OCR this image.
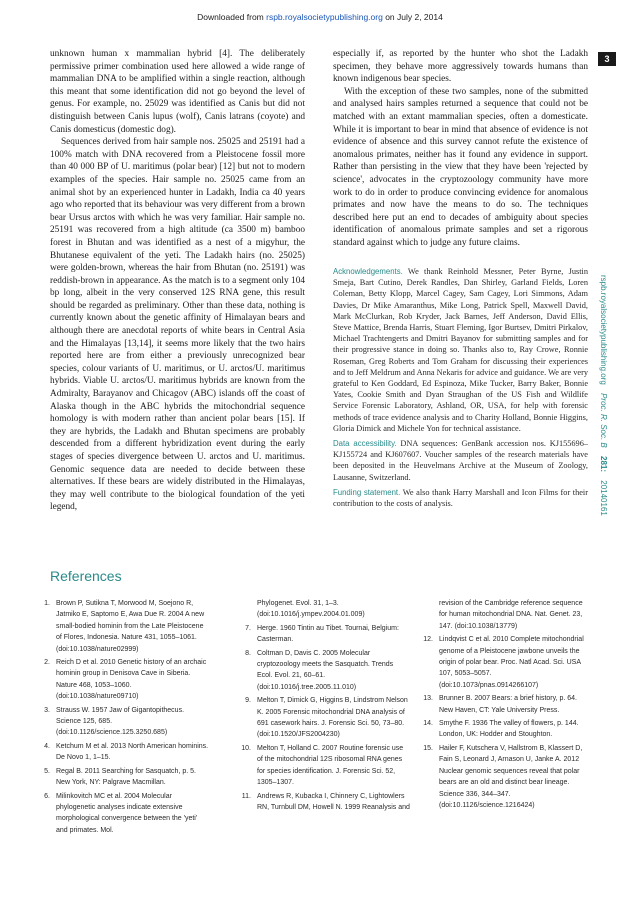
Downloaded from rspb.royalsocietypublishing.org on July 2, 2014
3
rspb.royalsocietypublishing.org Proc. R. Soc. B 281: 20140161

unknown human x mammalian hybrid [4]. The deliberately permissive primer combination used here allowed a wide range of mammalian DNA to be amplified within a single reaction, although this meant that some identification did not go beyond the level of genus. For example, no. 25029 was identified as Canis but did not distinguish between Canis lupus (wolf), Canis latrans (coyote) and Canis domesticus (domestic dog).

Sequences derived from hair sample nos. 25025 and 25191 had a 100% match with DNA recovered from a Pleistocene fossil more than 40 000 BP of U. maritimus (polar bear) [12] but not to modern examples of the species. Hair sample no. 25025 came from an animal shot by an experienced hunter in Ladakh, India ca 40 years ago who reported that its behaviour was very different from a brown bear Ursus arctos with which he was very familiar. Hair sample no. 25191 was recovered from a high altitude (ca 3500 m) bamboo forest in Bhutan and was identified as a nest of a migyhur, the Bhutanese equivalent of the yeti. The Ladakh hairs (no. 25025) were golden-brown, whereas the hair from Bhutan (no. 25191) was reddish-brown in appearance. As the match is to a segment only 104 bp long, albeit in the very conserved 12S RNA gene, this result should be regarded as preliminary. Other than these data, nothing is currently known about the genetic affinity of Himalayan bears and although there are anecdotal reports of white bears in Central Asia and the Himalayas [13,14], it seems more likely that the two hairs reported here are from either a previously unrecognized bear species, colour variants of U. maritimus, or U. arctos/U. maritimus hybrids. Viable U. arctos/U. maritimus hybrids are known from the Admiralty, Barayanov and Chicagov (ABC) islands off the coast of Alaska though in the ABC hybrids the mitochondrial sequence homology is with modern rather than ancient polar bears [15]. If they are hybrids, the Ladakh and Bhutan specimens are probably descended from a different hybridization event during the early stages of species divergence between U. arctos and U. maritimus. Genomic sequence data are needed to decide between these alternatives. If these bears are widely distributed in the Himalayas, they may well contribute to the biological foundation of the yeti legend,

especially if, as reported by the hunter who shot the Ladakh specimen, they behave more aggressively towards humans than known indigenous bear species.

With the exception of these two samples, none of the submitted and analysed hairs samples returned a sequence that could not be matched with an extant mammalian species, often a domesticate. While it is important to bear in mind that absence of evidence is not evidence of absence and this survey cannot refute the existence of anomalous primates, neither has it found any evidence in support. Rather than persisting in the view that they have been 'rejected by science', advocates in the cryptozoology community have more work to do in order to produce convincing evidence for anomalous primates and now have the means to do so. The techniques described here put an end to decades of ambiguity about species identification of anomalous primate samples and set a rigorous standard against which to judge any future claims.

Acknowledgements. We thank Reinhold Messner, Peter Byrne, Justin Smeja, Bart Cutino, Derek Randles, Dan Shirley, Garland Fields, Loren Coleman, Betty Klopp, Marcel Cagey, Sam Cagey, Lori Simmons, Adam Davies, Dr Mike Amaranthus, Mike Long, Patrick Spell, Maxwell David, Mark McClurkan, Rob Kryder, Jack Barnes, Jeff Anderson, David Ellis, Steve Mattice, Brenda Harris, Stuart Fleming, Igor Burtsev, Dmitri Pirkalov, Michael Trachtengerts and Dmitri Bayanov for submitting samples and for their progressive stance in doing so. Thanks also to, Ray Crowe, Ronnie Roseman, Greg Roberts and Tom Graham for discussing their experiences and to Jeff Meldrum and Anna Nekaris for advice and guidance. We are very grateful to Ken Goddard, Ed Espinoza, Mike Tucker, Barry Baker, Bonnie Yates, Cookie Smith and Dyan Straughan of the US Fish and Wildlife Service Forensic Laboratory, Ashland, OR, USA, for help with forensic methods of trace evidence analysis and to Charity Holland, Bonnie Higgins, Gloria Dimick and Michele Yon for technical assistance.

Data accessibility. DNA sequences: GenBank accession nos. KJ155696–KJ155724 and KJ607607. Voucher samples of the research materials have been deposited in the Heuvelmans Archive at the Museum of Zoology, Lausanne, Switzerland.

Funding statement. We also thank Harry Marshall and Icon Films for their contribution to the costs of analysis.

References
1. Brown P, Sutikna T, Morwood M, Soejono R, Jatmiko E, Saptomo E, Awa Due R. 2004 A new small-bodied hominin from the Late Pleistocene of Flores, Indonesia. Nature 431, 1055–1061. (doi:10.1038/nature02999)
2. Reich D et al. 2010 Genetic history of an archaic hominin group in Denisova Cave in Siberia. Nature 468, 1053–1060. (doi:10.1038/nature09710)
3. Strauss W. 1957 Jaw of Gigantopithecus. Science 125, 685. (doi:10.1126/science.125.3250.685)
4. Ketchum M et al. 2013 North American hominins. De Novo 1, 1–15.
5. Regal B. 2011 Searching for Sasquatch, p. 5. New York, NY: Palgrave Macmillan.
6. Milinkovitch MC et al. 2004 Molecular phylogenetic analyses indicate extensive morphological convergence between the 'yeti' and primates. Mol.
Phylogenet. Evol. 31, 1–3. (doi:10.1016/j.ympev.2004.01.009)
7. Herge. 1960 Tintin au Tibet. Tournai, Belgium: Casterman.
8. Coltman D, Davis C. 2005 Molecular cryptozoology meets the Sasquatch. Trends Ecol. Evol. 21, 60–61. (doi:10.1016/j.tree.2005.11.010)
9. Melton T, Dimick G, Higgins B, Lindstrom Nelson K. 2005 Forensic mitochondrial DNA analysis of 691 casework hairs. J. Forensic Sci. 50, 73–80. (doi:10.1520/JFS2004230)
10. Melton T, Holland C. 2007 Routine forensic use of the mitochondrial 12S ribosomal RNA genes for species identification. J. Forensic Sci. 52, 1305–1307.
11. Andrews R, Kubacka I, Chinnery C, Lightowlers RN, Turnbull DM, Howell N. 1999 Reanalysis and
revision of the Cambridge reference sequence for human mitochondrial DNA. Nat. Genet. 23, 147. (doi:10.1038/13779)
12. Lindqvist C et al. 2010 Complete mitochondrial genome of a Pleistocene jawbone unveils the origin of polar bear. Proc. Natl Acad. Sci. USA 107, 5053–5057. (doi:10.1073/pnas.0914266107)
13. Brunner B. 2007 Bears: a brief history, p. 64. New Haven, CT: Yale University Press.
14. Smythe F. 1936 The valley of flowers, p. 144. London, UK: Hodder and Stoughton.
15. Hailer F, Kutschera V, Hallstrom B, Klassert D, Fain S, Leonard J, Arnason U, Janke A. 2012 Nuclear genomic sequences reveal that polar bears are an old and distinct bear lineage. Science 336, 344–347. (doi:10.1126/science.1216424)
